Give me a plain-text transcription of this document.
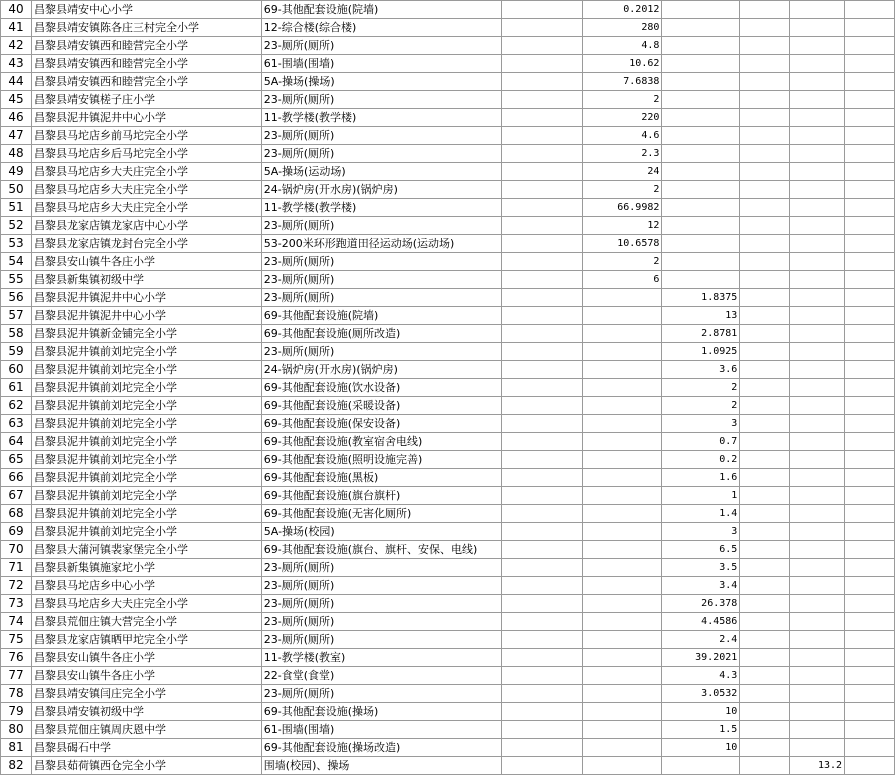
40	昌黎县靖安中心小学	69-其他配套设施(院墙)		0.2012				
41	昌黎县靖安镇陈各庄三村完全小学	12-综合楼(综合楼)		280				
42	昌黎县靖安镇西和睦营完全小学	23-厕所(厕所)		4.8				
43	昌黎县靖安镇西和睦营完全小学	61-围墙(围墙)		10.62				
44	昌黎县靖安镇西和睦营完全小学	5A-操场(操场)		7.6838				
45	昌黎县靖安镇槎子庄小学	23-厕所(厕所)		2				
46	昌黎县泥井镇泥井中心小学	11-教学楼(教学楼)		220				
47	昌黎县马坨店乡前马坨完全小学	23-厕所(厕所)		4.6				
48	昌黎县马坨店乡后马坨完全小学	23-厕所(厕所)		2.3				
49	昌黎县马坨店乡大夫庄完全小学	5A-操场(运动场)		24				
50	昌黎县马坨店乡大夫庄完全小学	24-锅炉房(开水房)(锅炉房)		2				
51	昌黎县马坨店乡大夫庄完全小学	11-教学楼(教学楼)		66.9982				
52	昌黎县龙家店镇龙家店中心小学	23-厕所(厕所)		12				
53	昌黎县龙家店镇龙封台完全小学	53-200米环形跑道田径运动场(运动场)		10.6578				
54	昌黎县安山镇牛各庄小学	23-厕所(厕所)		2				
55	昌黎县新集镇初级中学	23-厕所(厕所)		6				
56	昌黎县泥井镇泥井中心小学	23-厕所(厕所)			1.8375			
57	昌黎县泥井镇泥井中心小学	69-其他配套设施(院墙)			13			
58	昌黎县泥井镇新金铺完全小学	69-其他配套设施(厕所改造)			2.8781			
59	昌黎县泥井镇前刘坨完全小学	23-厕所(厕所)			1.0925			
60	昌黎县泥井镇前刘坨完全小学	24-锅炉房(开水房)(锅炉房)			3.6			
61	昌黎县泥井镇前刘坨完全小学	69-其他配套设施(饮水设备)			2			
62	昌黎县泥井镇前刘坨完全小学	69-其他配套设施(采暖设备)			2			
63	昌黎县泥井镇前刘坨完全小学	69-其他配套设施(保安设备)			3			
64	昌黎县泥井镇前刘坨完全小学	69-其他配套设施(教室宿舍电线)			0.7			
65	昌黎县泥井镇前刘坨完全小学	69-其他配套设施(照明设施完善)			0.2			
66	昌黎县泥井镇前刘坨完全小学	69-其他配套设施(黑板)			1.6			
67	昌黎县泥井镇前刘坨完全小学	69-其他配套设施(旗台旗杆)			1			
68	昌黎县泥井镇前刘坨完全小学	69-其他配套设施(无害化厕所)			1.4			
69	昌黎县泥井镇前刘坨完全小学	5A-操场(校园)			3			
70	昌黎县大蒲河镇裴家堡完全小学	69-其他配套设施(旗台、旗杆、安保、电线)			6.5			
71	昌黎县新集镇施家坨小学	23-厕所(厕所)			3.5			
72	昌黎县马坨店乡中心小学	23-厕所(厕所)			3.4			
73	昌黎县马坨店乡大夫庄完全小学	23-厕所(厕所)			26.378			
74	昌黎县荒佃庄镇大营完全小学	23-厕所(厕所)			4.4586			
75	昌黎县龙家店镇晒甲坨完全小学	23-厕所(厕所)			2.4			
76	昌黎县安山镇牛各庄小学	11-教学楼(教室)			39.2021			
77	昌黎县安山镇牛各庄小学	22-食堂(食堂)			4.3			
78	昌黎县靖安镇闫庄完全小学	23-厕所(厕所)			3.0532			
79	昌黎县靖安镇初级中学	69-其他配套设施(操场)			10			
80	昌黎县荒佃庄镇周庆恩中学	61-围墙(围墙)			1.5			
81	昌黎县碣石中学	69-其他配套设施(操场改造)			10			
82	昌黎县茹荷镇西仓完全小学	围墙(校园)、操场					13.2	
